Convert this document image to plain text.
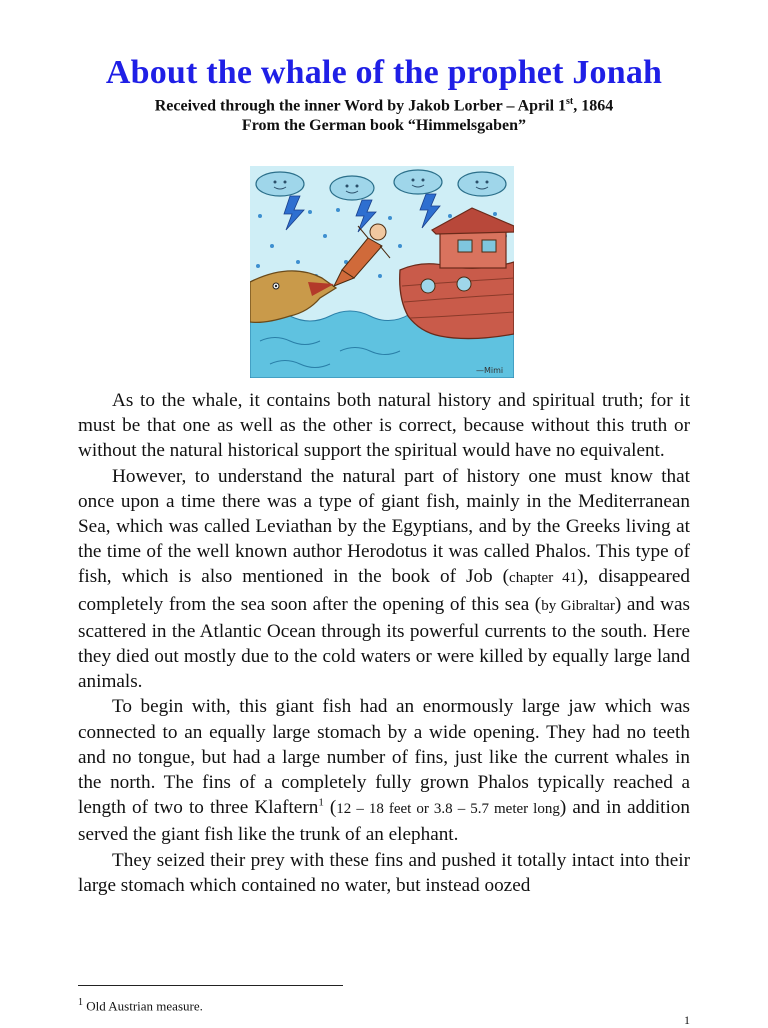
About the whale of the prophet Jonah
Received through the inner Word by Jakob Lorber – April 1st, 1864
From the German book “Himmelsgaben”
—Mimi

As to the whale, it contains both natural history and spiritual truth; for it must be that one as well as the other is correct, because without this truth or without the natural historical support the spiritual would have no equivalent.

However, to understand the natural part of history one must know that once upon a time there was a type of giant fish, mainly in the Mediterranean Sea, which was called Leviathan by the Egyptians, and by the Greeks living at the time of the well known author Herodotus it was called Phalos. This type of fish, which is also mentioned in the book of Job (chapter 41), disappeared completely from the sea soon after the opening of this sea (by Gibraltar) and was scattered in the Atlantic Ocean through its powerful currents to the south. Here they died out mostly due to the cold waters or were killed by equally large land animals.

To begin with, this giant fish had an enormously large jaw which was connected to an equally large stomach by a wide opening. They had no teeth and no tongue, but had a large number of fins, just like the current whales in the north. The fins of a completely fully grown Phalos typically reached a length of two to three Klaftern$^1$ (12 – 18 feet or 3.8 – 5.7 meter long) and in addition served the giant fish like the trunk of an elephant.

They seized their prey with these fins and pushed it totally intact into their large stomach which contained no water, but instead oozed

$^1$ Old Austrian measure.
1
